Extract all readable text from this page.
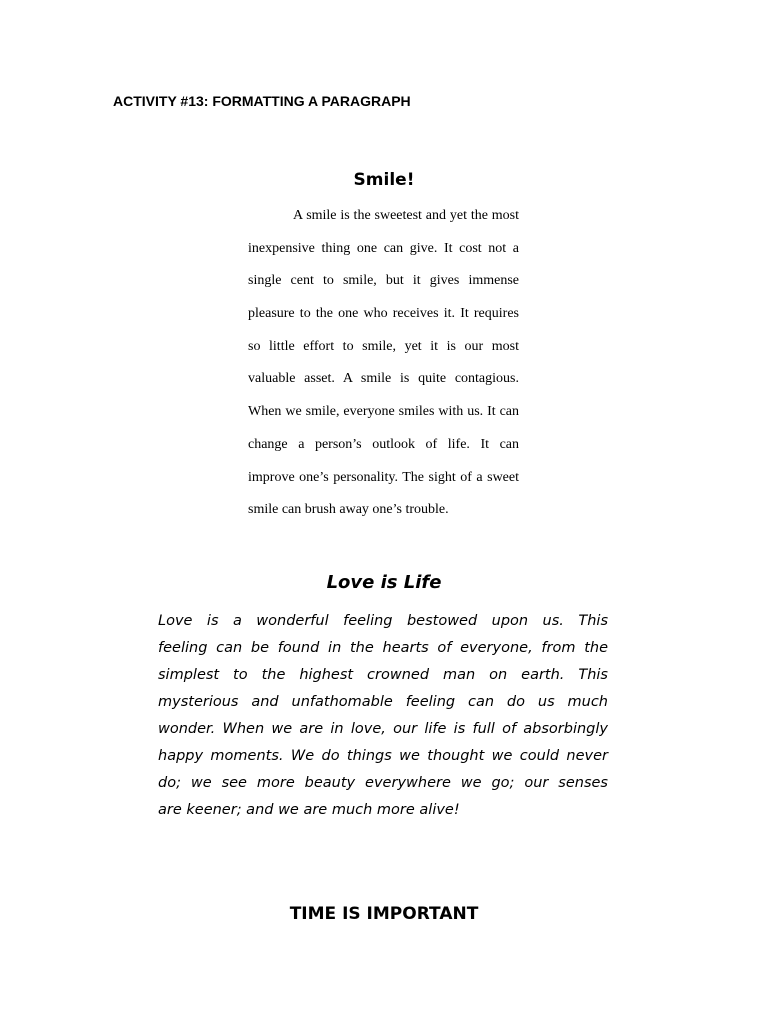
ACTIVITY #13: FORMATTING A PARAGRAPH
Smile!
A smile is the sweetest and yet the most
inexpensive thing one can give. It cost not a
single cent to smile, but it gives immense
pleasure to the one who receives it. It requires
so little effort to smile, yet it is our most
valuable asset. A smile is quite contagious.
When we smile, everyone smiles with us. It can
change a person’s outlook of life. It can
improve one’s personality. The sight of a sweet
smile can brush away one’s trouble.
Love is Life
Love is a wonderful feeling bestowed upon us. This
feeling can be found in the hearts of everyone, from the
simplest to the highest crowned man on earth. This
mysterious and unfathomable feeling can do us much
wonder. When we are in love, our life is full of absorbingly
happy moments. We do things we thought we could never
do; we see more beauty everywhere we go; our senses
are keener; and we are much more alive!
TIME IS IMPORTANT
